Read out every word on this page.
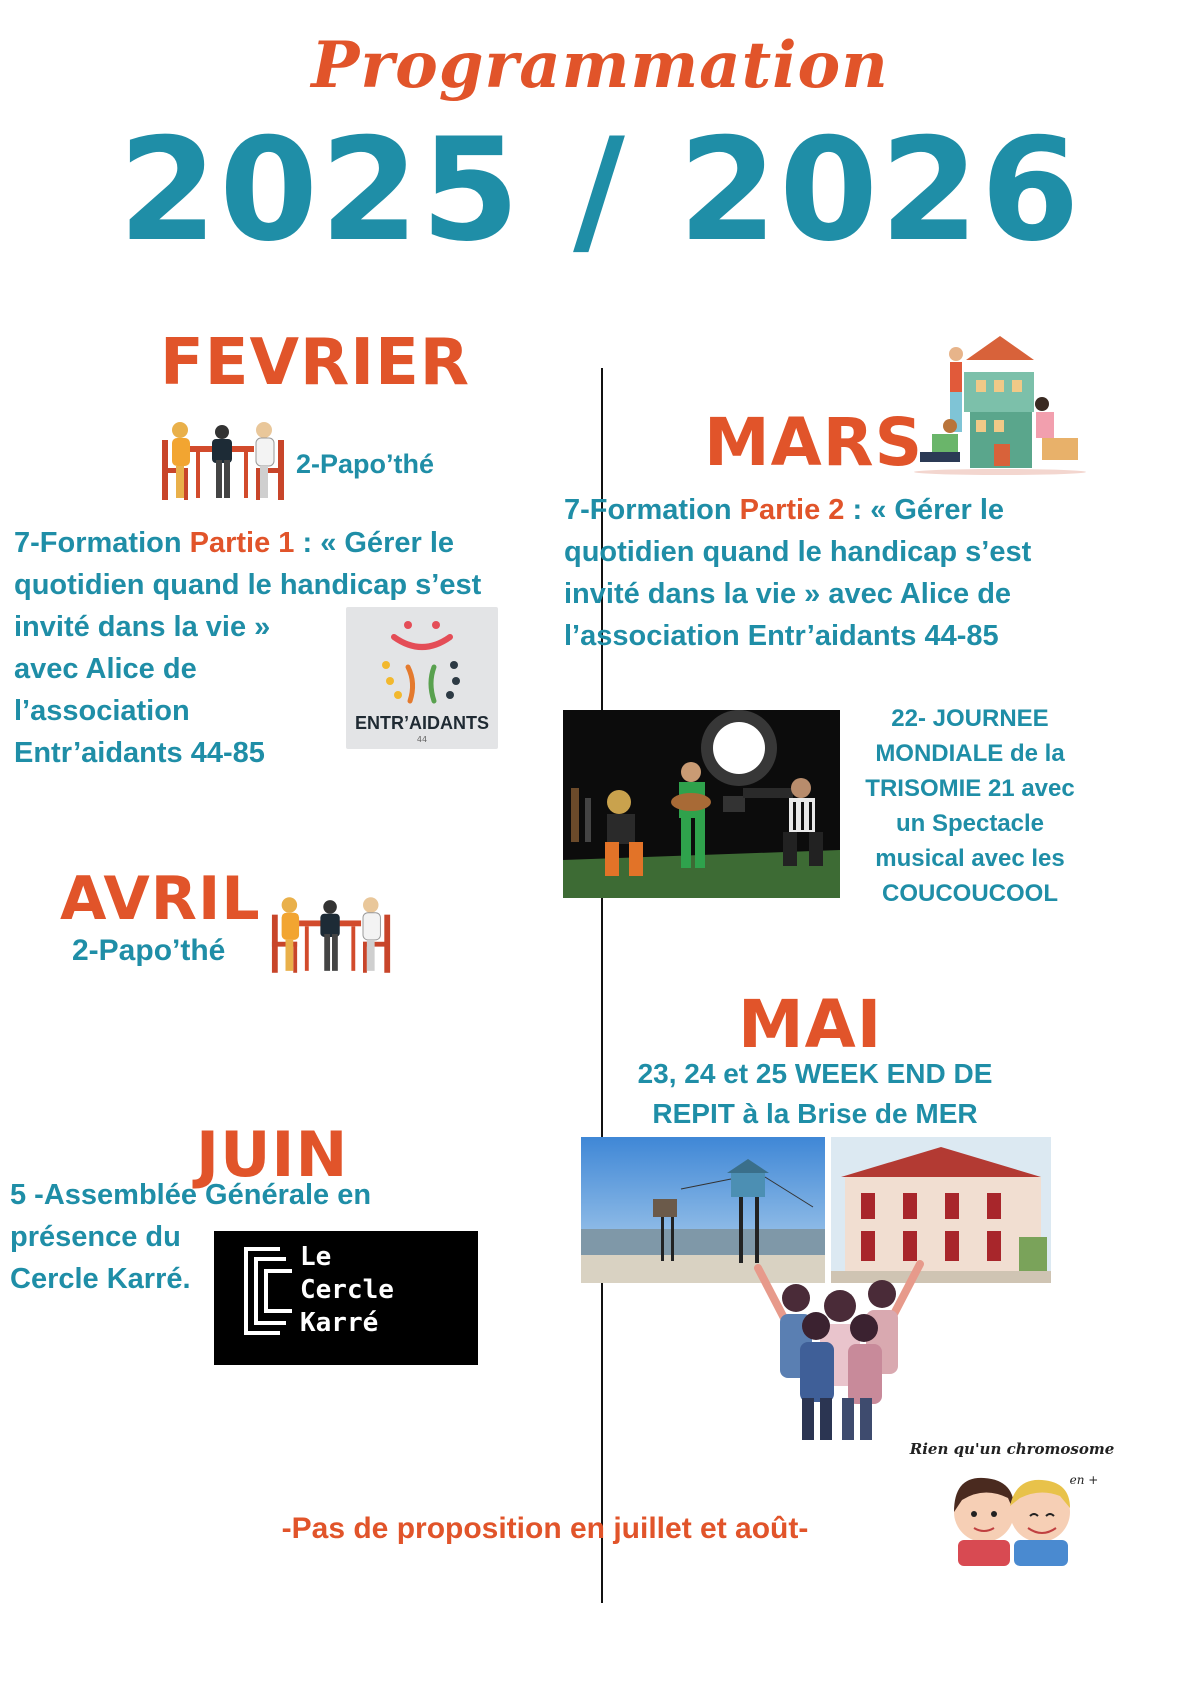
Programmation
2025 / 2026
FEVRIER
2-Papo’thé
7-Formation Partie 1 : « Gérer le
quotidien quand le handicap s’est
invité dans la vie »
avec Alice de
l’association
Entr’aidants 44-85
ENTR’AIDANTS
44
AVRIL
2-Papo’thé
JUIN
5 -Assemblée Générale en
présence du
Cercle Karré.
Le
Cercle
Karré
MARS
7-Formation Partie 2 : « Gérer le
quotidien quand le handicap s’est
invité dans la vie » avec Alice de
l’association Entr’aidants 44-85
22- JOURNEE
MONDIALE de la
TRISOMIE 21 avec
un Spectacle
musical avec les
COUCOUCOOL
MAI
23, 24 et 25 WEEK END DE
REPIT à la Brise de MER
-Pas de proposition en juillet et août-
Rien qu'un chromosome
en +
